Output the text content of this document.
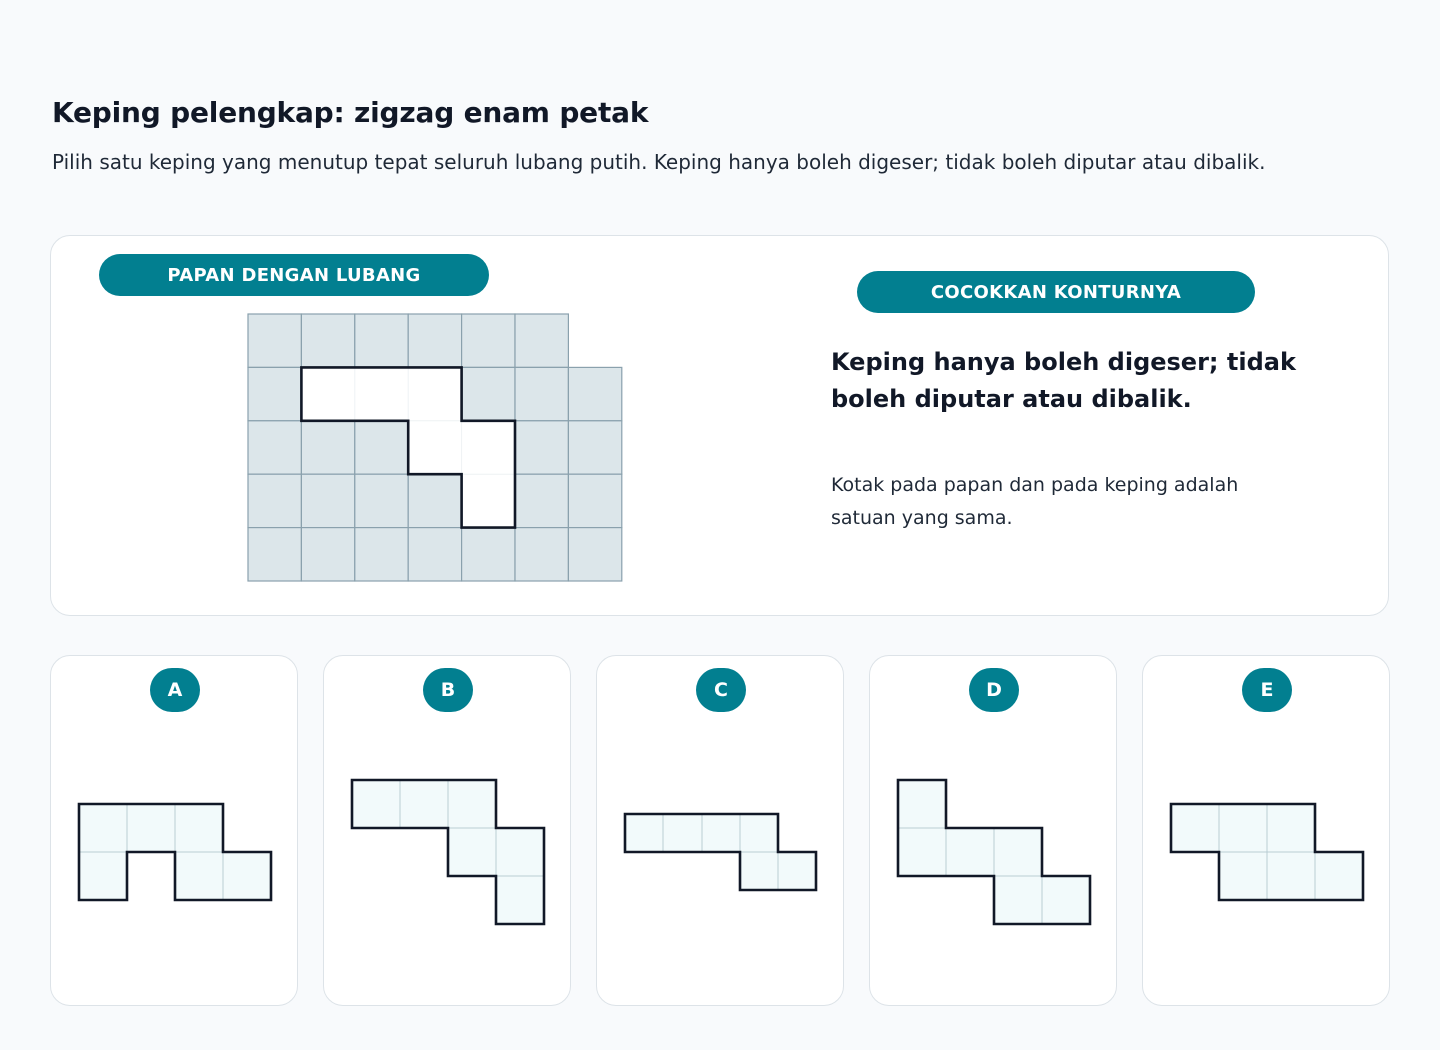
Keping pelengkap: zigzag enam petak

Pilih satu keping yang menutup tepat seluruh lubang putih. Keping hanya boleh digeser; tidak boleh diputar atau dibalik.

PAPAN DENGAN LUBANG
COCOKKAN KONTURNYA

Keping hanya boleh digeser; tidak boleh diputar atau dibalik.

Kotak pada papan dan pada keping adalah satuan yang sama.

A	B	C	D	E
